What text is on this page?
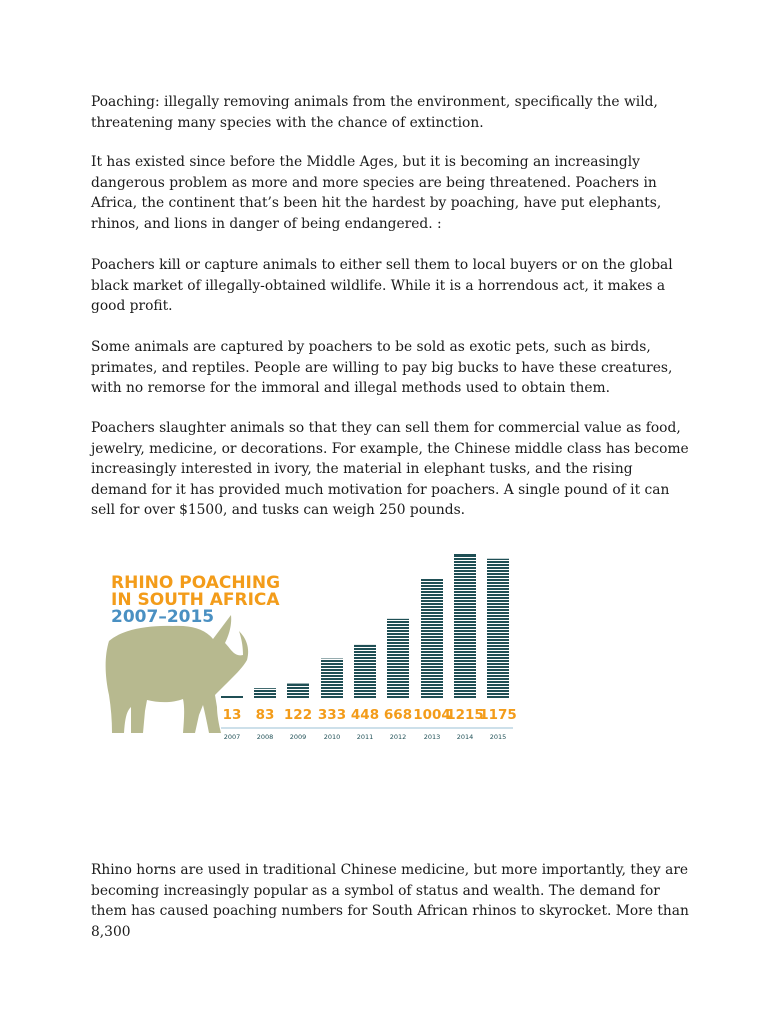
Poaching: illegally removing animals from the environment, specifically the wild, threatening many species with the chance of extinction.

It has existed since before the Middle Ages, but it is becoming an increasingly dangerous problem as more and more species are being threatened. Poachers in Africa, the continent that’s been hit the hardest by poaching, have put elephants, rhinos, and lions in danger of being endangered. :

Poachers kill or capture animals to either sell them to local buyers or on the global black market of illegally-obtained wildlife. While it is a horrendous act, it makes a good profit.

Some animals are captured by poachers to be sold as exotic pets, such as birds, primates, and reptiles. People are willing to pay big bucks to have these creatures, with no remorse for the immoral and illegal methods used to obtain them.

Poachers slaughter animals so that they can sell them for commercial value as food, jewelry, medicine, or decorations. For example, the Chinese middle class has become increasingly interested in ivory, the material in elephant tusks, and the rising demand for it has provided much motivation for poachers. A single pound of it can sell for over $1500, and tusks can weigh 250 pounds.

RHINO POACHING
IN SOUTH AFRICA
2007–2015
13
2007
83
2008
122
2009
333
2010
448
2011
668
2012
1004
2013
1215
2014
1175
2015

Rhino horns are used in traditional Chinese medicine, but more importantly, they are becoming increasingly popular as a symbol of status and wealth. The demand for them has caused poaching numbers for South African rhinos to skyrocket. More than 8,300
